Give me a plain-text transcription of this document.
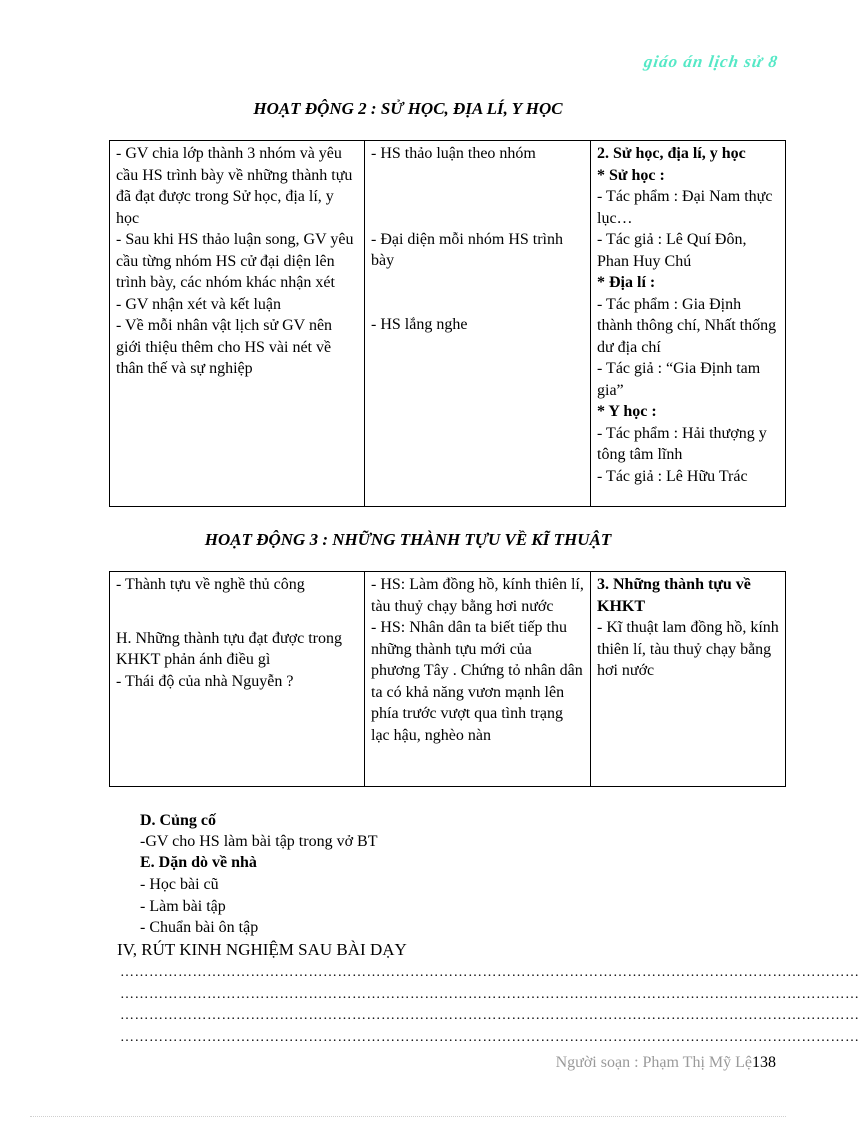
giáo án lịch sử 8
HOẠT ĐỘNG 2 : SỬ HỌC, ĐỊA LÍ, Y HỌC
- GV chia lớp thành 3 nhóm và yêu cầu HS trình bày về những thành tựu đã đạt được trong Sử học, địa lí, y học
- Sau khi HS thảo luận song, GV yêu cầu từng nhóm HS cử đại diện lên trình bày, các nhóm khác nhận xét
- GV nhận xét và kết luận
- Về mỗi nhân vật lịch sử GV nên giới thiệu thêm cho HS vài nét về thân thế và sự nghiệp

- HS thảo luận theo nhóm
- Đại diện mỗi nhóm HS trình bày
- HS lắng nghe

2. Sử học, địa lí, y học
* Sử học :
- Tác phẩm : Đại Nam thực lục…
- Tác giả : Lê Quí Đôn, Phan Huy Chú
* Địa lí :
- Tác phẩm : Gia Định thành thông chí, Nhất thống dư địa chí
- Tác giả : “Gia Định tam gia”
* Y học :
- Tác phẩm : Hải thượng y tông tâm lĩnh
- Tác giả : Lê Hữu Trác
HOẠT ĐỘNG 3 : NHỮNG THÀNH TỰU VỀ KĨ THUẬT
- Thành tựu về nghề thủ công
H. Những thành tựu đạt được trong KHKT phản ánh điều gì
- Thái độ của nhà Nguyễn ?

- HS: Làm đồng hồ, kính thiên lí, tàu thuỷ chạy bằng hơi nước
- HS: Nhân dân ta biết tiếp thu những thành tựu mới của phương Tây . Chứng tỏ nhân dân ta có khả năng vươn mạnh lên phía trước vượt qua tình trạng lạc hậu, nghèo nàn

3. Những thành tựu về KHKT
- Kĩ thuật lam đồng hồ, kính thiên lí, tàu thuỷ chạy bằng hơi nước
D. Củng cố
-GV cho HS làm bài tập trong vở BT
E. Dặn dò về nhà
- Học bài cũ
- Làm bài tập
- Chuẩn bài ôn tập
IV, RÚT KINH NGHIỆM SAU BÀI DẠY
………………………………………………………………………………………………………………………………………
………………………………………………………………………………………………………………………………………
………………………………………………………………………………………………………………………………………
………………………………………………………………………………………………………………………………………
Người soạn : Phạm Thị Mỹ Lệ 138
